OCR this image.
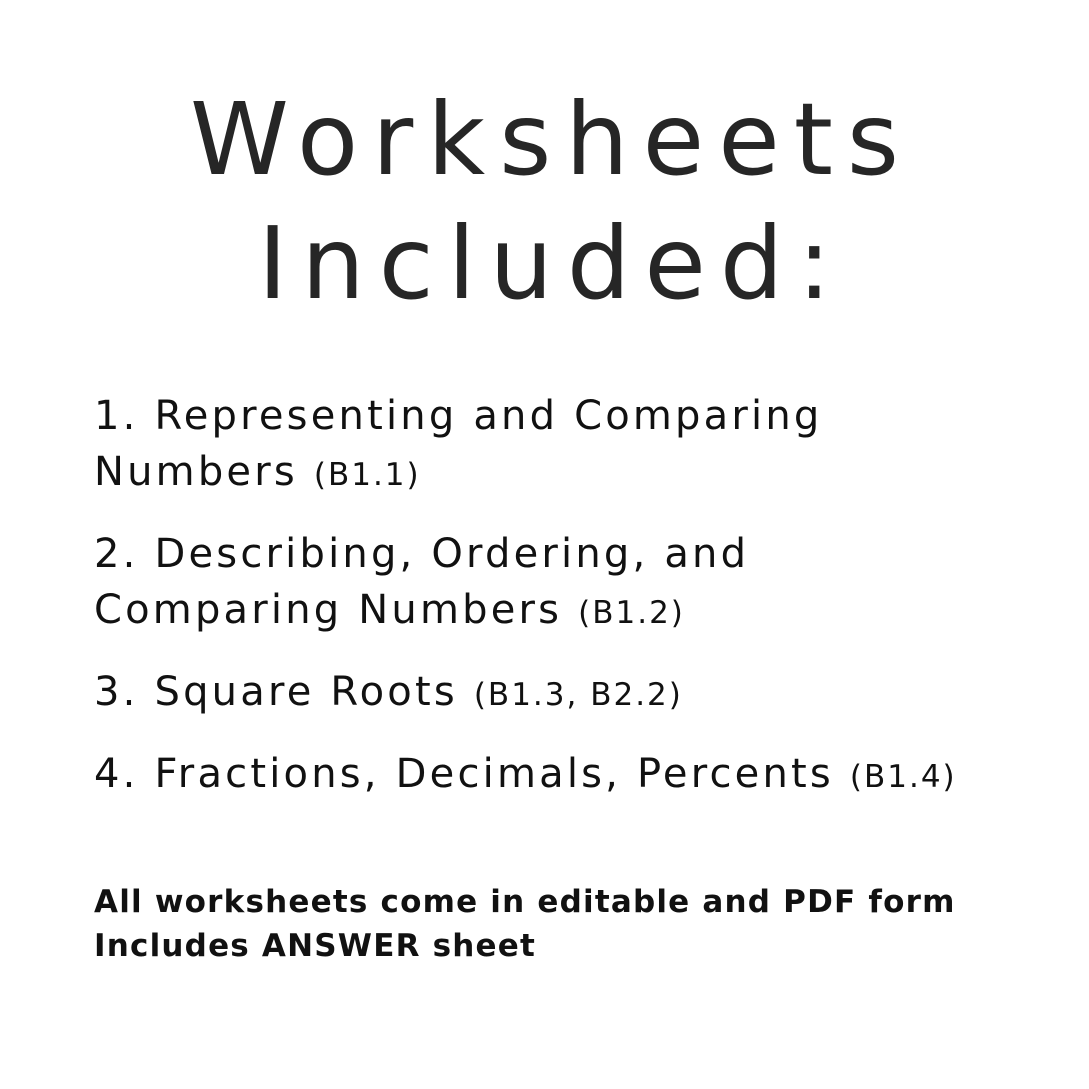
Worksheets
Included:
1. Representing and Comparing
Numbers (B1.1)
2. Describing, Ordering, and
Comparing Numbers (B1.2)
3. Square Roots (B1.3, B2.2)
4. Fractions, Decimals, Percents (B1.4)
All worksheets come in editable and PDF form
Includes ANSWER sheet
